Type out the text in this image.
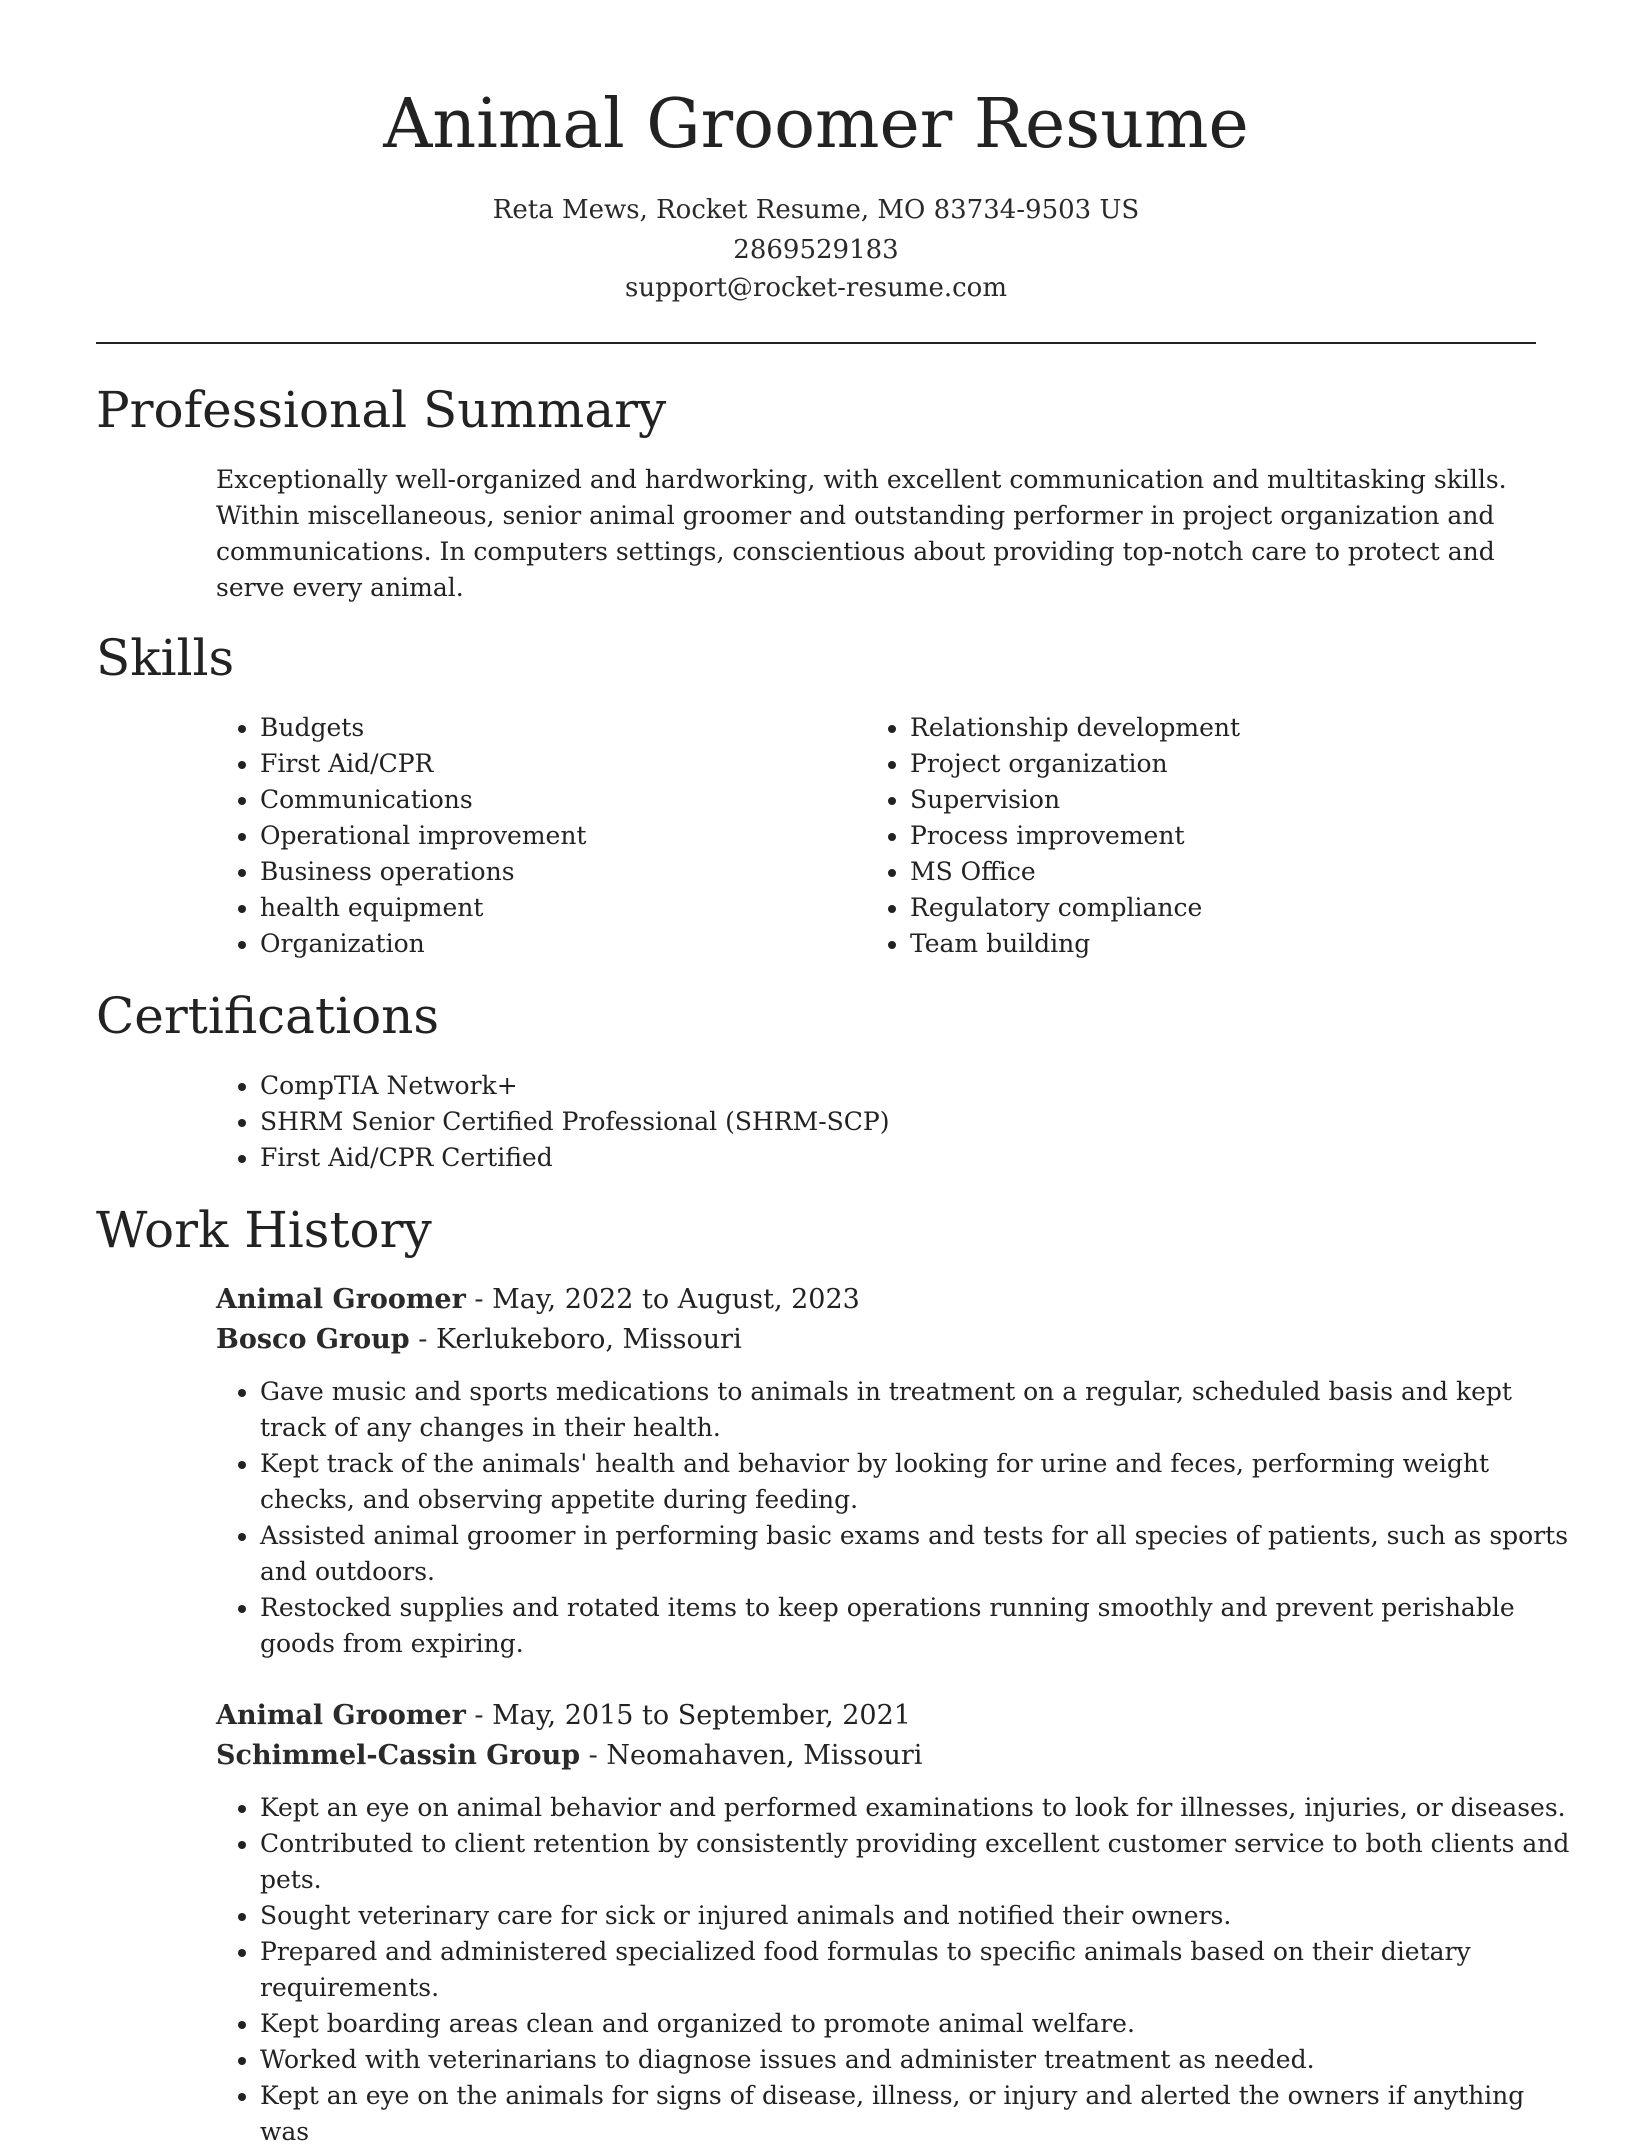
Animal Groomer Resume
Reta Mews, Rocket Resume, MO 83734-9503 US
2869529183
support@rocket-resume.com
Professional Summary

Exceptionally well-organized and hardworking, with excellent communication and multitasking skills. Within miscellaneous, senior animal groomer and outstanding performer in project organization and communications. In computers settings, conscientious about providing top-notch care to protect and serve every animal.

Skills
• Budgets
• First Aid/CPR
• Communications
• Operational improvement
• Business operations
• health equipment
• Organization
• Relationship development
• Project organization
• Supervision
• Process improvement
• MS Office
• Regulatory compliance
• Team building
Certifications
• CompTIA Network+
• SHRM Senior Certified Professional (SHRM-SCP)
• First Aid/CPR Certified
Work History
Animal Groomer - May, 2022 to August, 2023
Bosco Group - Kerlukeboro, Missouri
• Gave music and sports medications to animals in treatment on a regular, scheduled basis and kept track of any changes in their health.
• Kept track of the animals' health and behavior by looking for urine and feces, performing weight checks, and observing appetite during feeding.
• Assisted animal groomer in performing basic exams and tests for all species of patients, such as sports and outdoors.
• Restocked supplies and rotated items to keep operations running smoothly and prevent perishable goods from expiring.
Animal Groomer - May, 2015 to September, 2021
Schimmel-Cassin Group - Neomahaven, Missouri
• Kept an eye on animal behavior and performed examinations to look for illnesses, injuries, or diseases.
• Contributed to client retention by consistently providing excellent customer service to both clients and pets.
• Sought veterinary care for sick or injured animals and notified their owners.
• Prepared and administered specialized food formulas to specific animals based on their dietary requirements.
• Kept boarding areas clean and organized to promote animal welfare.
• Worked with veterinarians to diagnose issues and administer treatment as needed.
• Kept an eye on the animals for signs of disease, illness, or injury and alerted the owners if anything was
